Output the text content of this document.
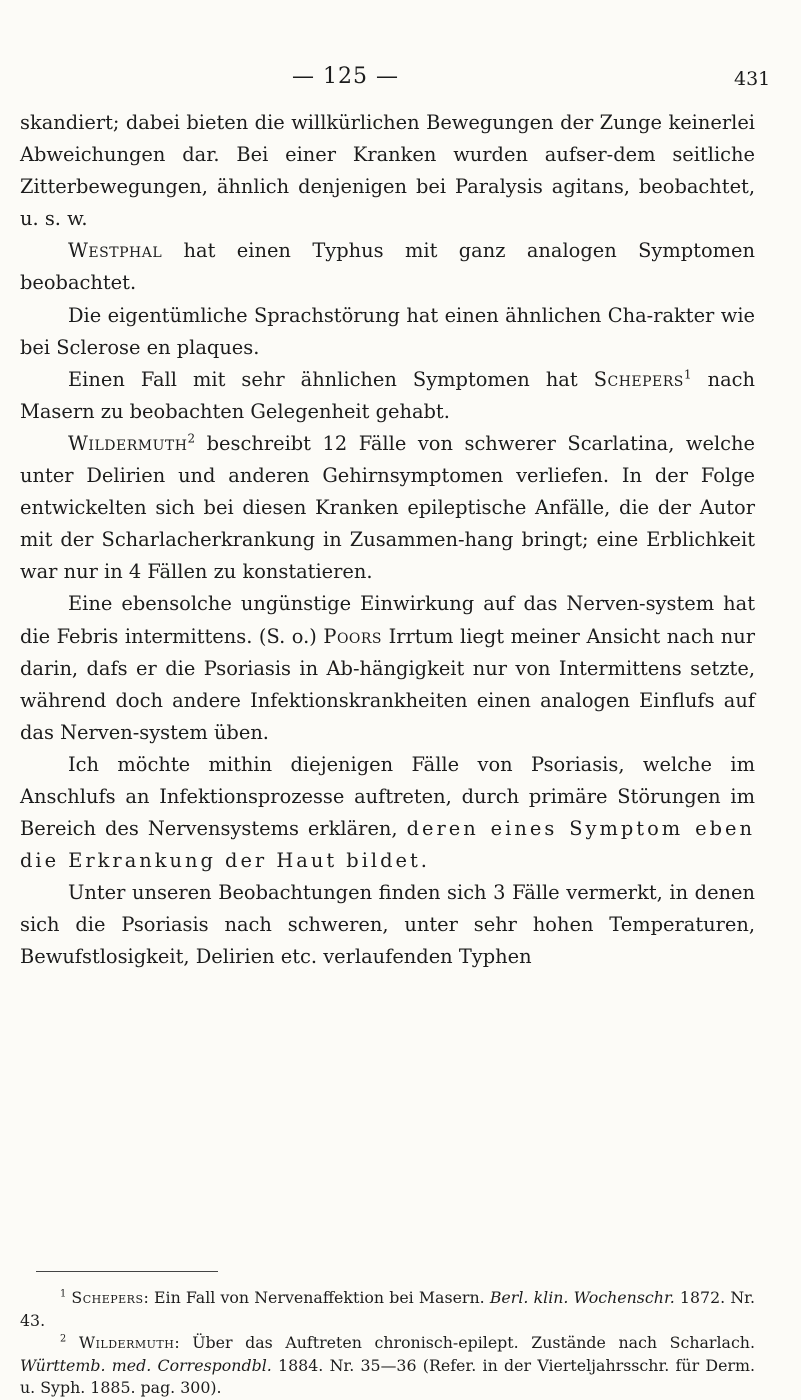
— 125 —	431

skandiert; dabei bieten die willkürlichen Bewegungen der Zunge keinerlei Abweichungen dar. Bei einer Kranken wurden aufser-dem seitliche Zitterbewegungen, ähnlich denjenigen bei Paralysis agitans, beobachtet, u. s. w.

Westphal hat einen Typhus mit ganz analogen Symptomen beobachtet.

Die eigentümliche Sprachstörung hat einen ähnlichen Cha-rakter wie bei Sclerose en plaques.

Einen Fall mit sehr ähnlichen Symptomen hat Schepers$^1$ nach Masern zu beobachten Gelegenheit gehabt.

Wildermuth$^2$ beschreibt 12 Fälle von schwerer Scarlatina, welche unter Delirien und anderen Gehirnsymptomen verliefen. In der Folge entwickelten sich bei diesen Kranken epileptische Anfälle, die der Autor mit der Scharlacherkrankung in Zusammen-hang bringt; eine Erblichkeit war nur in 4 Fällen zu konstatieren.

Eine ebensolche ungünstige Einwirkung auf das Nerven-system hat die Febris intermittens. (S. o.) Poors Irrtum liegt meiner Ansicht nach nur darin, dafs er die Psoriasis in Ab-hängigkeit nur von Intermittens setzte, während doch andere Infektionskrankheiten einen analogen Einflufs auf das Nerven-system üben.

Ich möchte mithin diejenigen Fälle von Psoriasis, welche im Anschlufs an Infektionsprozesse auftreten, durch primäre Störungen im Bereich des Nervensystems erklären, deren eines Symptom eben die Erkrankung der Haut bildet.

Unter unseren Beobachtungen finden sich 3 Fälle vermerkt, in denen sich die Psoriasis nach schweren, unter sehr hohen Temperaturen, Bewufstlosigkeit, Delirien etc. verlaufenden Typhen

$^1$ Schepers: Ein Fall von Nervenaffektion bei Masern. Berl. klin. Wochenschr. 1872. Nr. 43.

$^2$ Wildermuth: Über das Auftreten chronisch-epilept. Zustände nach Scharlach. Württemb. med. Correspondbl. 1884. Nr. 35—36 (Refer. in der Vierteljahrsschr. für Derm. u. Syph. 1885. pag. 300).
